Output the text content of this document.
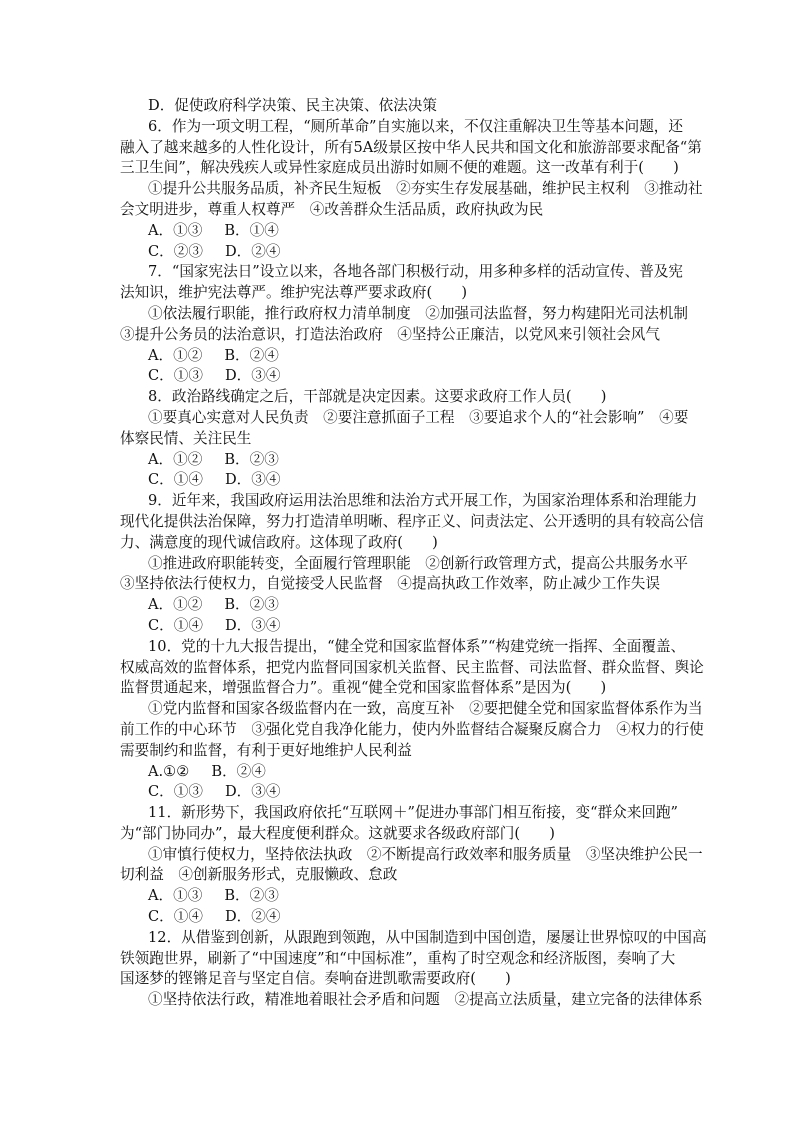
D．促使政府科学决策、民主决策、依法决策
6．作为一项文明工程，“厕所革命”自实施以来，不仅注重解决卫生等基本问题，还
融入了越来越多的人性化设计，所有5A级景区按中华人民共和国文化和旅游部要求配备“第
三卫生间”，解决残疾人或异性家庭成员出游时如厕不便的难题。这一改革有利于(　　)
①提升公共服务品质，补齐民生短板　②夯实生存发展基础，维护民主权利　③推动社
会文明进步，尊重人权尊严　④改善群众生活品质，政府执政为民
A．①③ B．①④
C．②③ D．②④
7．“国家宪法日”设立以来，各地各部门积极行动，用多种多样的活动宣传、普及宪
法知识，维护宪法尊严。维护宪法尊严要求政府(　　)
①依法履行职能，推行政府权力清单制度　②加强司法监督，努力构建阳光司法机制
③提升公务员的法治意识，打造法治政府　④坚持公正廉洁，以党风来引领社会风气
A．①② B．②④
C．①③ D．③④
8．政治路线确定之后，干部就是决定因素。这要求政府工作人员(　　)
①要真心实意对人民负责　②要注意抓面子工程　③要追求个人的“社会影响”　④要
体察民情、关注民生
A．①② B．②③
C．①④ D．③④
9．近年来，我国政府运用法治思维和法治方式开展工作，为国家治理体系和治理能力
现代化提供法治保障，努力打造清单明晰、程序正义、问责法定、公开透明的具有较高公信
力、满意度的现代诚信政府。这体现了政府(　　)
①推进政府职能转变，全面履行管理职能　②创新行政管理方式，提高公共服务水平
③坚持依法行使权力，自觉接受人民监督　④提高执政工作效率，防止减少工作失误
A．①② B．②③
C．①④ D．③④
10．党的十九大报告提出，“健全党和国家监督体系”“构建党统一指挥、全面覆盖、
权威高效的监督体系，把党内监督同国家机关监督、民主监督、司法监督、群众监督、舆论
监督贯通起来，增强监督合力”。重视“健全党和国家监督体系”是因为(　　)
①党内监督和国家各级监督内在一致，高度互补　②要把健全党和国家监督体系作为当
前工作的中心环节　③强化党自我净化能力，使内外监督结合凝聚反腐合力　④权力的行使
需要制约和监督，有利于更好地维护人民利益
A.①② B．②④
C．①③ D．③④
11．新形势下，我国政府依托“互联网＋”促进办事部门相互衔接，变“群众来回跑”
为“部门协同办”，最大程度便利群众。这就要求各级政府部门(　　)
①审慎行使权力，坚持依法执政　②不断提高行政效率和服务质量　③坚决维护公民一
切利益　④创新服务形式，克服懒政、怠政
A．①③ B．②③
C．①④ D．②④
12．从借鉴到创新，从跟跑到领跑，从中国制造到中国创造，屡屡让世界惊叹的中国高
铁领跑世界，刷新了“中国速度”和“中国标准”，重构了时空观念和经济版图，奏响了大
国逐梦的铿锵足音与坚定自信。奏响奋进凯歌需要政府(　　)
①坚持依法行政，精准地着眼社会矛盾和问题　②提高立法质量，建立完备的法律体系
